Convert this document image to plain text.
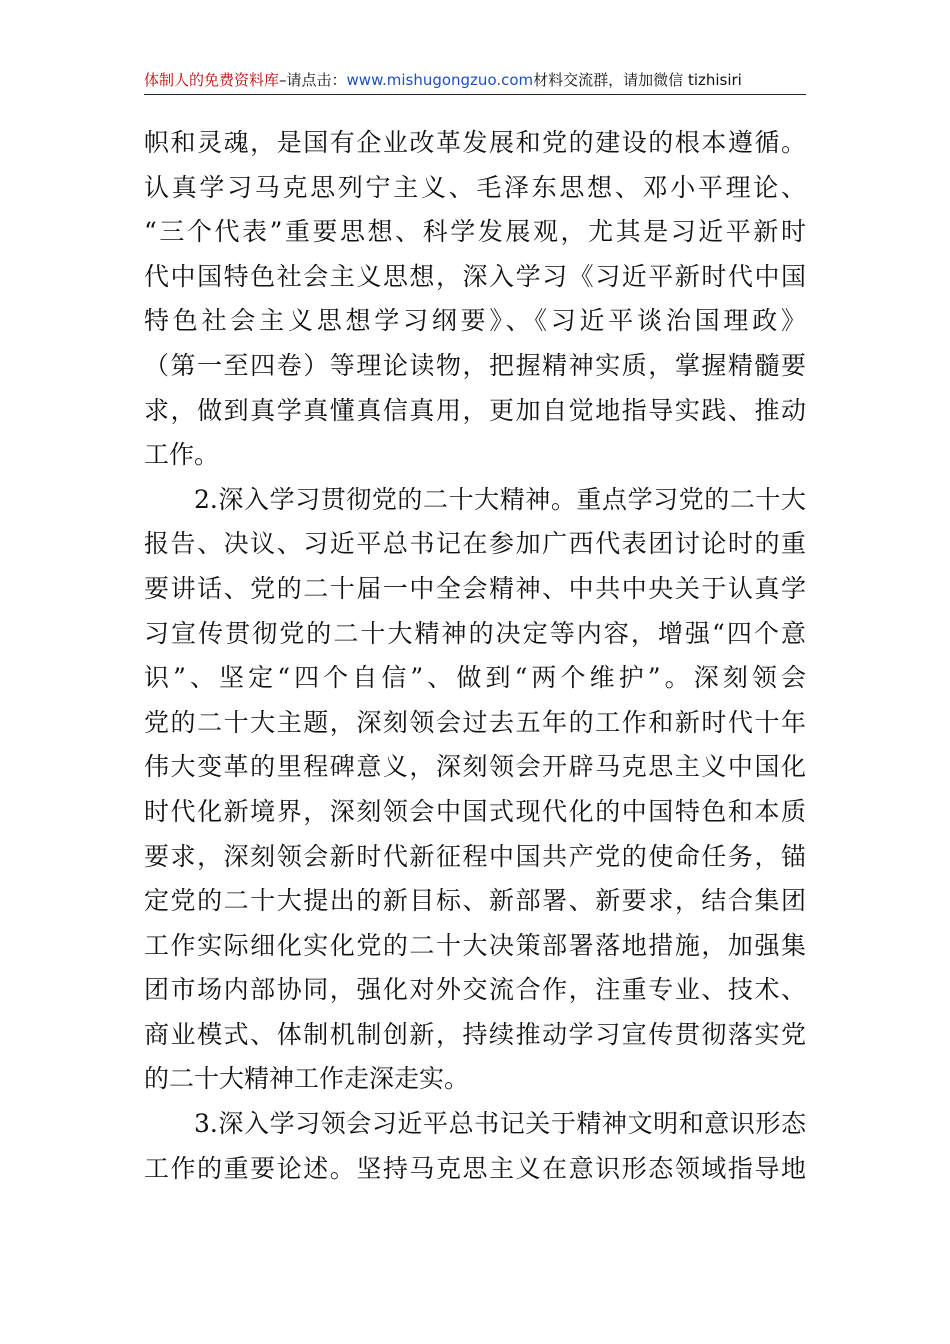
体制人的免费资料库–请点击：www.mishugongzuo.com材料交流群，请加微信 tizhisiri
帜和灵魂，是国有企业改革发展和党的建设的根本遵循。
认真学习马克思列宁主义、毛泽东思想、邓小平理论、
“三个代表”重要思想、科学发展观，尤其是习近平新时
代中国特色社会主义思想，深入学习《习近平新时代中国
特色社会主义思想学习纲要》、《习近平谈治国理政》
（第一至四卷）等理论读物，把握精神实质，掌握精髓要
求，做到真学真懂真信真用，更加自觉地指导实践、推动
工作。
2.深入学习贯彻党的二十大精神。重点学习党的二十大
报告、决议、习近平总书记在参加广西代表团讨论时的重
要讲话、党的二十届一中全会精神、中共中央关于认真学
习宣传贯彻党的二十大精神的决定等内容，增强“四个意
识”、坚定“四个自信”、做到“两个维护”。深刻领会
党的二十大主题，深刻领会过去五年的工作和新时代十年
伟大变革的里程碑意义，深刻领会开辟马克思主义中国化
时代化新境界，深刻领会中国式现代化的中国特色和本质
要求，深刻领会新时代新征程中国共产党的使命任务，锚
定党的二十大提出的新目标、新部署、新要求，结合集团
工作实际细化实化党的二十大决策部署落地措施，加强集
团市场内部协同，强化对外交流合作，注重专业、技术、
商业模式、体制机制创新，持续推动学习宣传贯彻落实党
的二十大精神工作走深走实。
3.深入学习领会习近平总书记关于精神文明和意识形态
工作的重要论述。坚持马克思主义在意识形态领域指导地
